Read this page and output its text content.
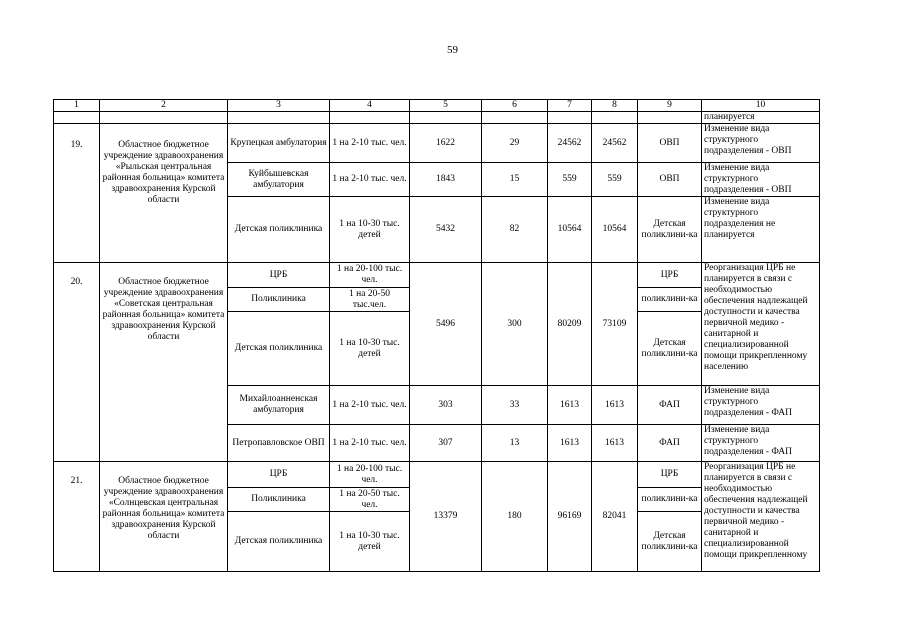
59
1	2	3	4	5	6	7	8	9	10
									планируется
19.	Областное бюджетное учреждение здравоохранения «Рыльская центральная районная больница» комитета здравоохранения Курской области	Крупецкая амбулатория	1 на 2-10 тыс. чел.	1622	29	24562	24562	ОВП	Изменение вида структурного подразделения - ОВП
		Куйбышевская амбулатория	1 на 2-10 тыс. чел.	1843	15	559	559	ОВП	Изменение вида структурного подразделения - ОВП
		Детская поликлиника	1 на 10-30 тыс. детей	5432	82	10564	10564	Детская поликлини-ка	Изменение вида структурного подразделения не планируется
20.	Областное бюджетное учреждение здравоохранения «Советская центральная районная больница» комитета здравоохранения Курской области	ЦРБ	1 на 20-100 тыс. чел.	5496	300	80209	73109	ЦРБ	Реорганизация ЦРБ не планируется в связи с необходимостью обеспечения надлежащей доступности и качества первичной медико - санитарной и специализированной помощи прикрепленному населению
		Поликлиника	1 на 20-50 тыс.чел.					поликлини-ка	
		Детская поликлиника	1 на 10-30 тыс. детей					Детская поликлини-ка	
		Михайлоанненская амбулатория	1 на 2-10 тыс. чел.	303	33	1613	1613	ФАП	Изменение вида структурного подразделения - ФАП
		Петропавловское ОВП	1 на 2-10 тыс. чел.	307	13	1613	1613	ФАП	Изменение вида структурного подразделения - ФАП
21.	Областное бюджетное учреждение здравоохранения «Солнцевская центральная районная больница» комитета здравоохранения Курской области	ЦРБ	1 на 20-100 тыс. чел.	13379	180	96169	82041	ЦРБ	Реорганизация ЦРБ не планируется в связи с необходимостью обеспечения надлежащей доступности и качества первичной медико - санитарной и специализированной помощи прикрепленному
		Поликлиника	1 на 20-50 тыс. чел.					поликлини-ка	
		Детская поликлиника	1 на 10-30 тыс. детей					Детская поликлини-ка	
